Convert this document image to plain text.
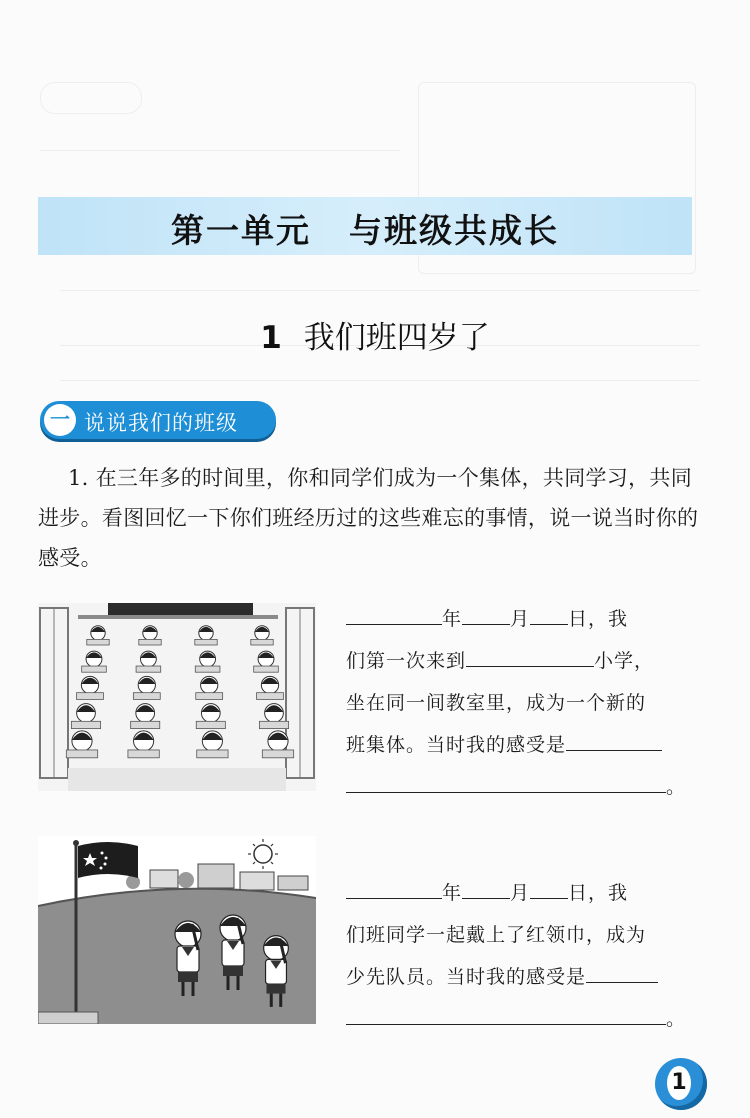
第一单元 与班级共成长
1 我们班四岁了
一 说说我们的班级
1. 在三年多的时间里，你和同学们成为一个集体，共同学习，共同进步。看图回忆一下你们班经历过的这些难忘的事情，说一说当时你的感受。
年	月 日，我
们第一次来到	小学，
坐在同一间教室里，成为一个新的
班集体。当时我的感受是
。
年	月 日，我
们班同学一起戴上了红领巾，成为
少先队员。当时我的感受是
。
1
